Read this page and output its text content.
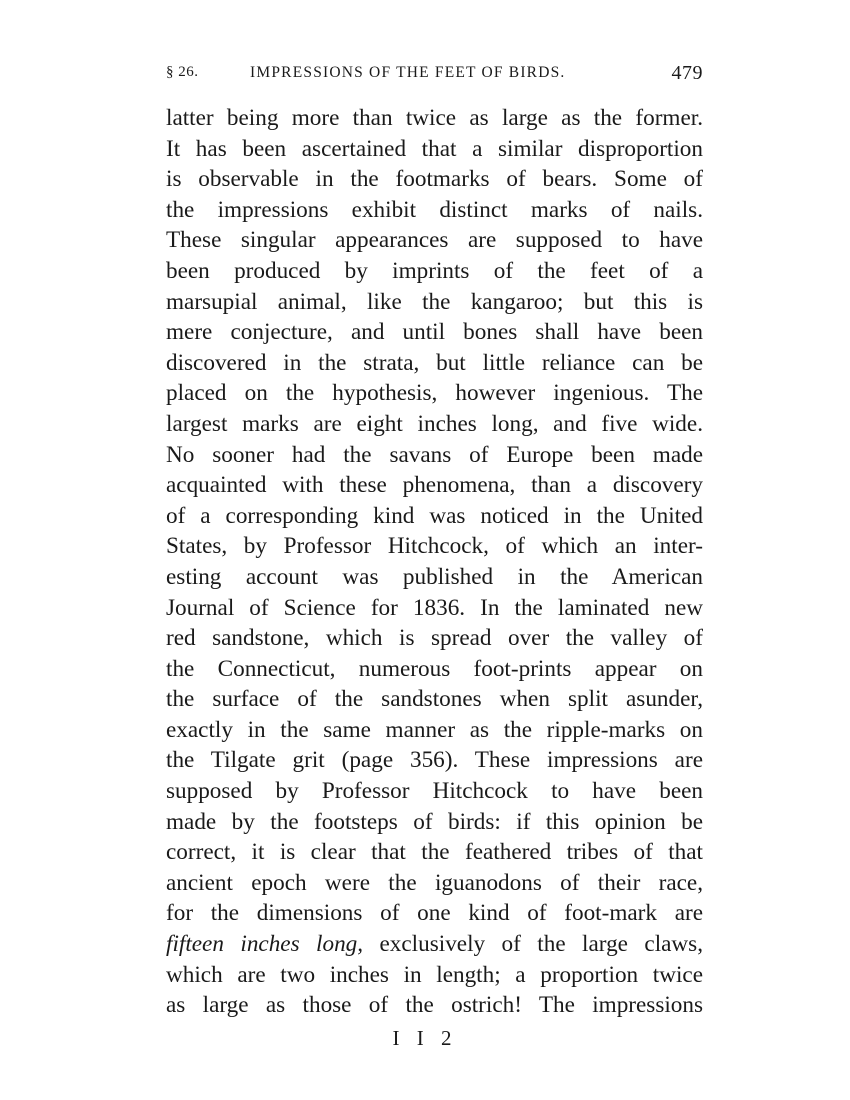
§ 26.	IMPRESSIONS OF THE FEET OF BIRDS.	479
latter being more than twice as large as the former.
It has been ascertained that a similar disproportion
is observable in the footmarks of bears. Some of
the impressions exhibit distinct marks of nails.
These singular appearances are supposed to have
been produced by imprints of the feet of a
marsupial animal, like the kangaroo; but this is
mere conjecture, and until bones shall have been
discovered in the strata, but little reliance can be
placed on the hypothesis, however ingenious. The
largest marks are eight inches long, and five wide.
No sooner had the savans of Europe been made
acquainted with these phenomena, than a discovery
of a corresponding kind was noticed in the United
States, by Professor Hitchcock, of which an inter-
esting account was published in the American
Journal of Science for 1836. In the laminated new
red sandstone, which is spread over the valley of
the Connecticut, numerous foot-prints appear on
the surface of the sandstones when split asunder,
exactly in the same manner as the ripple-marks on
the Tilgate grit (page 356). These impressions are
supposed by Professor Hitchcock to have been
made by the footsteps of birds: if this opinion be
correct, it is clear that the feathered tribes of that
ancient epoch were the iguanodons of their race,
for the dimensions of one kind of foot-mark are
fifteen inches long, exclusively of the large claws,
which are two inches in length; a proportion twice
as large as those of the ostrich! The impressions
I I 2
